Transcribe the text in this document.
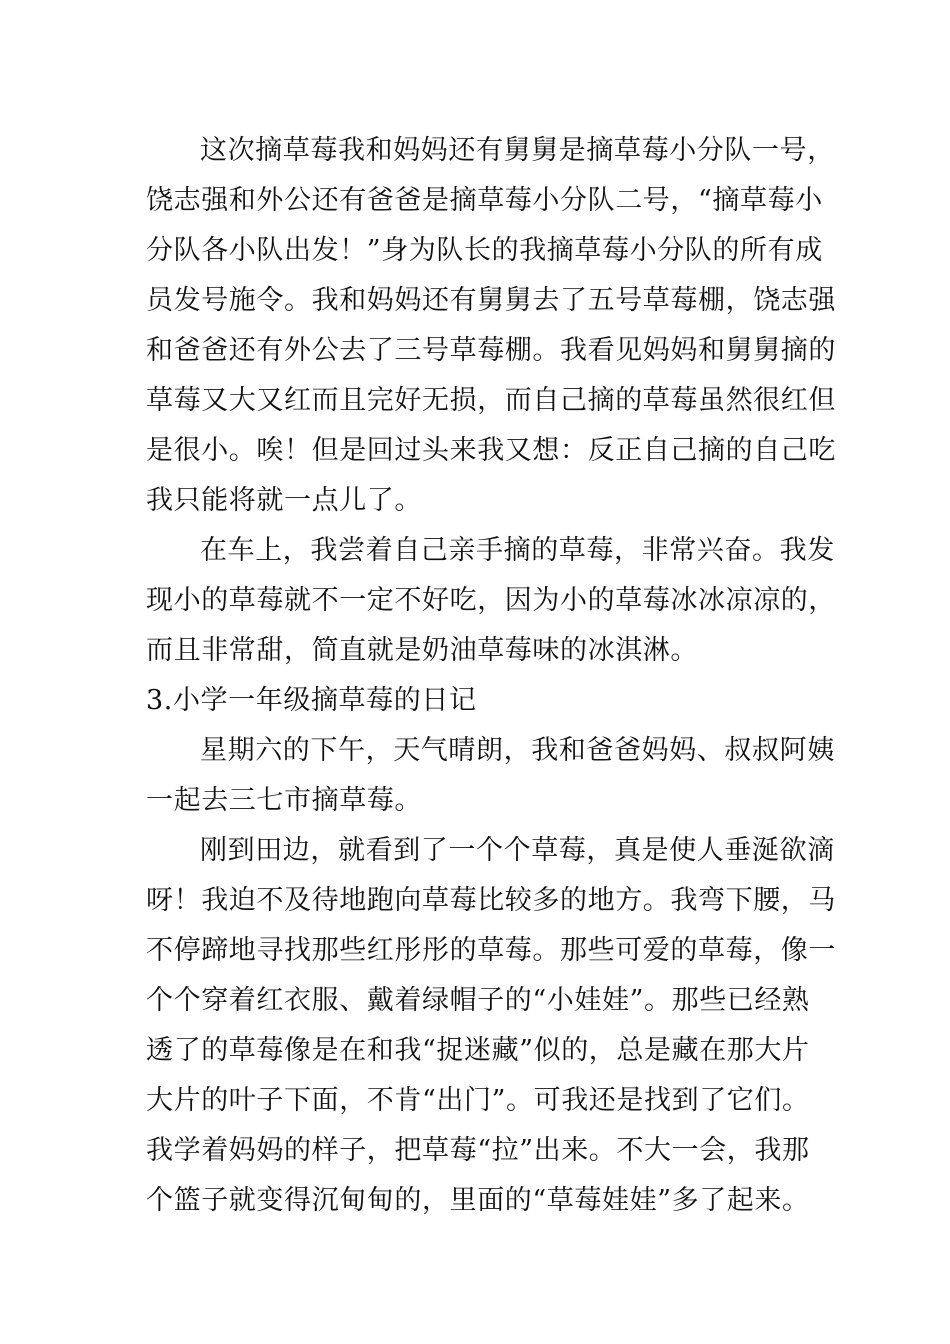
这次摘草莓我和妈妈还有舅舅是摘草莓小分队一号，
饶志强和外公还有爸爸是摘草莓小分队二号，“摘草莓小
分队各小队出发！”身为队长的我摘草莓小分队的所有成
员发号施令。我和妈妈还有舅舅去了五号草莓棚，饶志强
和爸爸还有外公去了三号草莓棚。我看见妈妈和舅舅摘的
草莓又大又红而且完好无损，而自己摘的草莓虽然很红但
是很小。唉！但是回过头来我又想：反正自己摘的自己吃
我只能将就一点儿了。
在车上，我尝着自己亲手摘的草莓，非常兴奋。我发
现小的草莓就不一定不好吃，因为小的草莓冰冰凉凉的，
而且非常甜，简直就是奶油草莓味的冰淇淋。
3.小学一年级摘草莓的日记
星期六的下午，天气晴朗，我和爸爸妈妈、叔叔阿姨
一起去三七市摘草莓。
刚到田边，就看到了一个个草莓，真是使人垂涎欲滴
呀！我迫不及待地跑向草莓比较多的地方。我弯下腰，马
不停蹄地寻找那些红彤彤的草莓。那些可爱的草莓，像一
个个穿着红衣服、戴着绿帽子的“小娃娃”。那些已经熟
透了的草莓像是在和我“捉迷藏”似的，总是藏在那大片
大片的叶子下面，不肯“出门”。可我还是找到了它们。
我学着妈妈的样子，把草莓“拉”出来。不大一会，我那
个篮子就变得沉甸甸的，里面的“草莓娃娃”多了起来。
